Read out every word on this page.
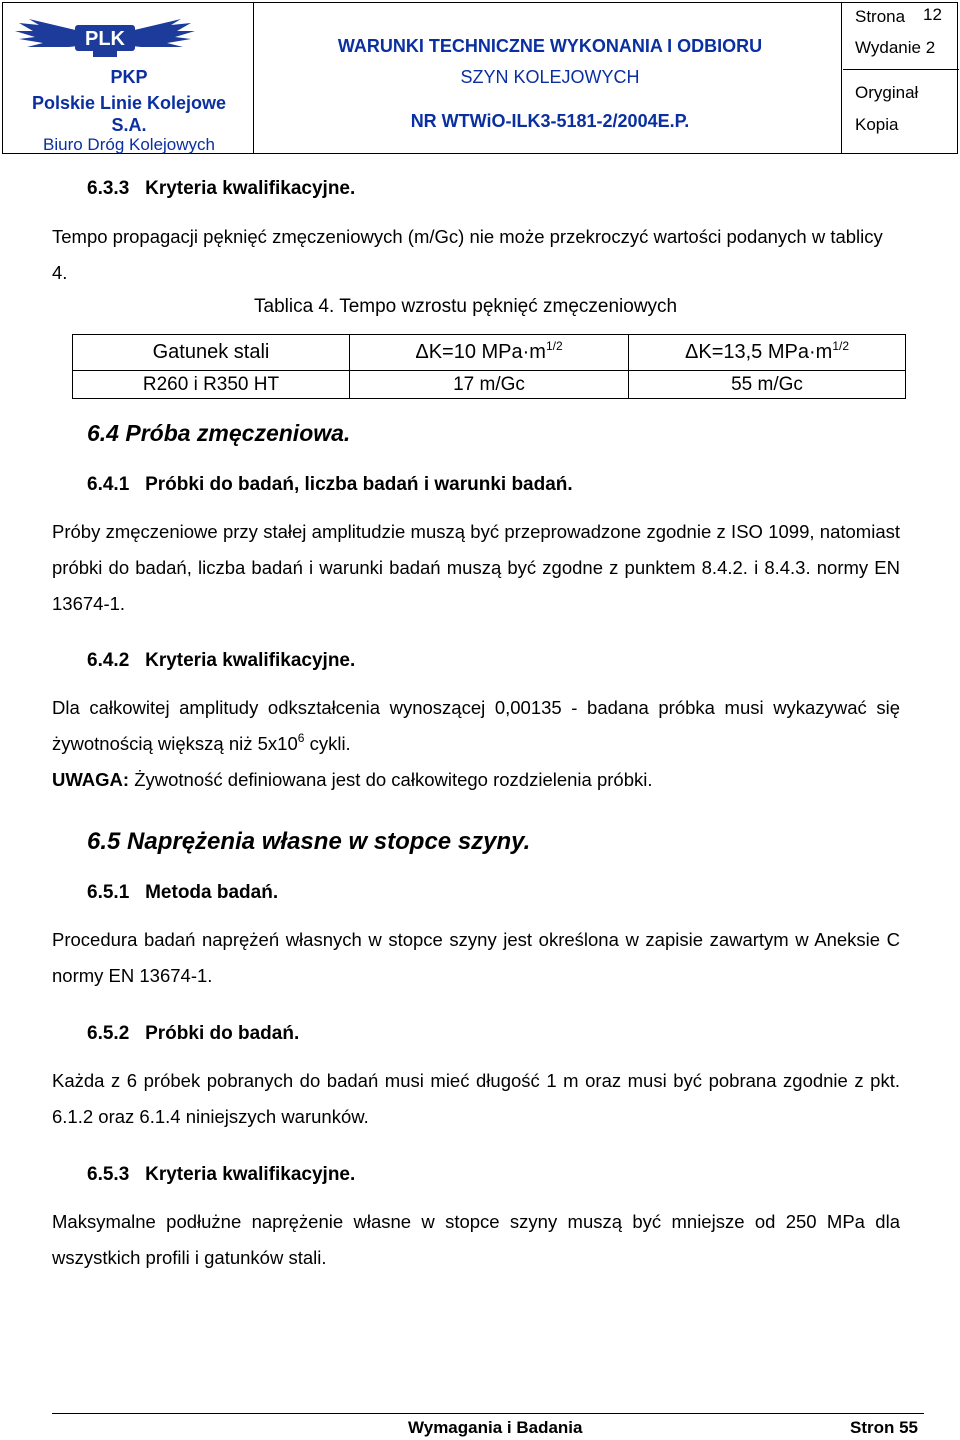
PLK
PKP
Polskie Linie Kolejowe
S.A.
Biuro Dróg Kolejowych
WARUNKI TECHNICZNE WYKONANIA I ODBIORU
SZYN KOLEJOWYCH
NR WTWiO-ILK3-5181-2/2004E.P.
Strona 12
Wydanie 2
Oryginał
Kopia
6.3.3 Kryteria kwalifikacyjne.
Tempo propagacji pęknięć zmęczeniowych (m/Gc) nie może przekroczyć wartości podanych w tablicy 4.
Tablica 4. Tempo wzrostu pęknięć zmęczeniowych
Gatunek stali	ΔK=10 $MPa\cdot m^{1/2}$	ΔK=13,5 $MPa\cdot m^{1/2}$
R260 i R350 HT	17 m/Gc	55 m/Gc
6.4 Próba zmęczeniowa.
6.4.1 Próbki do badań, liczba badań i warunki badań.
Próby zmęczeniowe przy stałej amplitudzie muszą być przeprowadzone zgodnie z ISO 1099, natomiast próbki do badań, liczba badań i warunki badań muszą być zgodne z punktem 8.4.2. i 8.4.3. normy EN 13674-1.
6.4.2 Kryteria kwalifikacyjne.
Dla całkowitej amplitudy odkształcenia wynoszącej 0,00135 - badana próbka musi wykazywać się żywotnością większą niż $5x10^6$ cykli.
UWAGA: Żywotność definiowana jest do całkowitego rozdzielenia próbki.
6.5 Naprężenia własne w stopce szyny.
6.5.1 Metoda badań.
Procedura badań naprężeń własnych w stopce szyny jest określona w zapisie zawartym w Aneksie C normy EN 13674-1.
6.5.2 Próbki do badań.
Każda z 6 próbek pobranych do badań musi mieć długość 1 m oraz musi być pobrana zgodnie z pkt. 6.1.2 oraz 6.1.4 niniejszych warunków.
6.5.3 Kryteria kwalifikacyjne.
Maksymalne podłużne naprężenie własne w stopce szyny muszą być mniejsze od 250 MPa dla wszystkich profili i gatunków stali.
Wymagania i Badania	Stron 55
